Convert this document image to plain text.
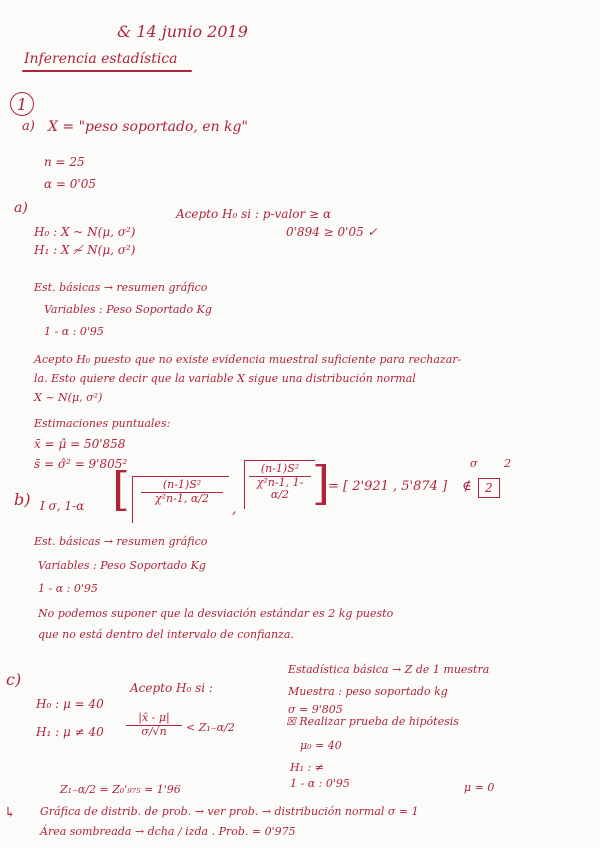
& 14 junio 2019
Inferencia estadística
1
a) X = "peso soportado, en kg"
n = 25
α = 0'05
a)	Acepto H₀ si : p-valor ≥ α
0'894 ≥ 0'05 ✓
H₀ : X ~ N(μ, σ²)
H₁ : X ≁ N(μ, σ²)
Est. básicas → resumen gráfico
Variables : Peso Soportado Kg
1 - α : 0'95
Acepto H₀ puesto que no existe evidencia muestral suficiente para rechazar-
la. Esto quiere decir que la variable X sigue una distribución normal
X ~ N(μ, σ²)
Estimaciones puntuales:
x̄ = μ̂ = 50'858
s̄ = σ̂² = 9'805²
b) I σ, 1-α [ $\frac{\text{(n-1)S²}}{\text{χ²n-1, α/2}}$
,
$\frac{\text{(n-1)S²}}{\text{χ²n-1, 1-α/2}}$ ]
= [ 2'921 , 5'874 ]
σ
∉
2
2
Est. básicas → resumen gráfico
Variables : Peso Soportado Kg
1 - α : 0'95
No podemos suponer que la desviación estándar es 2 kg puesto
que no está dentro del intervalo de confianza.
c)
H₀ : μ = 40
H₁ : μ ≠ 40
Acepto H₀ si :
$\frac{|x̄ - \mu|}{\sigma/√n} < Z_{1-}\alpha/2$
Estadística básica → Z de 1 muestra
Muestra : peso soportado kg
σ = 9'805
☒ Realizar prueba de hipótesis
μ₀ = 40
H₁ : ≠
1 - α : 0'95
Z₁₋α/2 = Z₀'₉₇₅ = 1'96	μ = 0
↳ Gráfica de distrib. de prob. → ver prob. → distribución normal σ = 1
Área sombreada → dcha / izda . Prob. = 0'975
